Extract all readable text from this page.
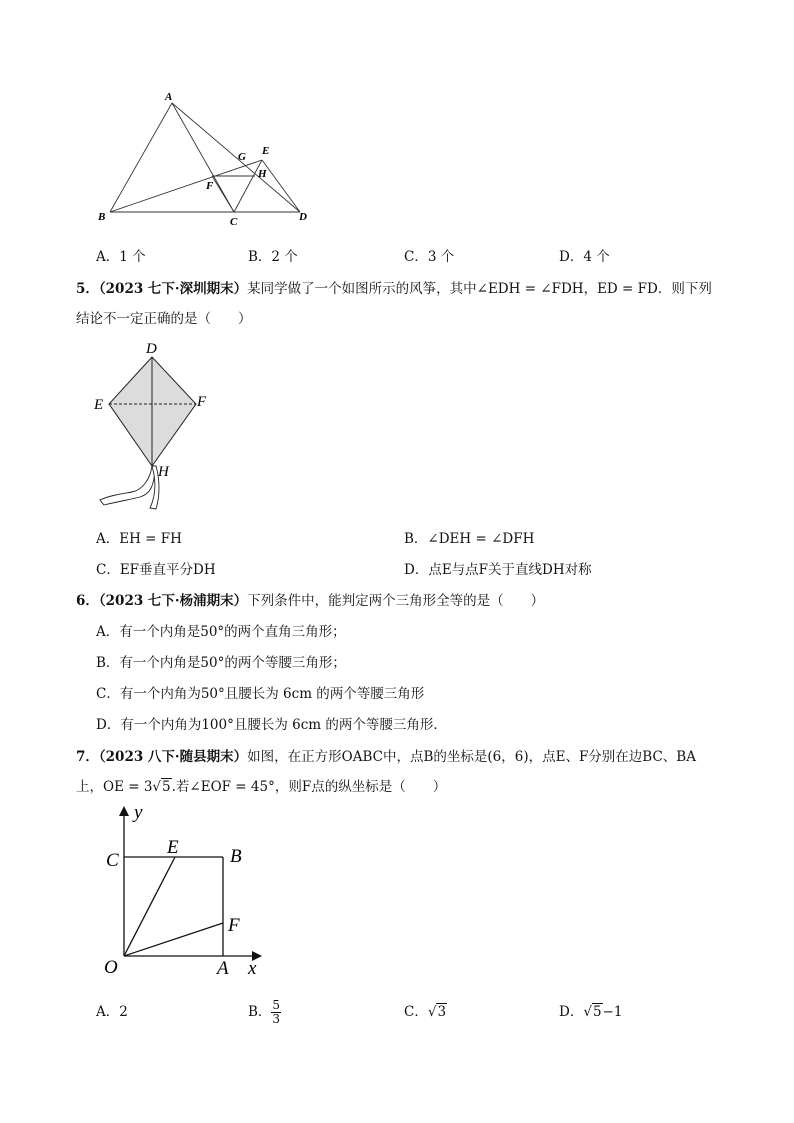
A
B	C	D
E
F
G
H
A．1 个	B．2 个	C．3 个	D．4 个
5．（2023 七下·深圳期末）某同学做了一个如图所示的风筝，其中∠EDH = ∠FDH，ED = FD．则下列
结论不一定正确的是（　　）
D
E	F
H
A．EH = FH	B．∠DEH = ∠DFH
C．EF垂直平分DH	D．点E与点F关于直线DH对称
6．（2023 七下·杨浦期末）下列条件中，能判定两个三角形全等的是（　　）
A．有一个内角是50°的两个直角三角形；
B．有一个内角是50°的两个等腰三角形；
C．有一个内角为50°且腰长为 6cm 的两个等腰三角形
D．有一个内角为100°且腰长为 6cm 的两个等腰三角形．
7．（2023 八下·随县期末）如图，在正方形OABC中，点B的坐标是(6，6)，点E、F分别在边BC、BA
上，OE = 3√5.若∠EOF = 45°，则F点的纵坐标是（　　）
y
x
O	A
B
C
E
F
A．2	B． $\frac{5}{3}$	C．√3	D．√5−1
